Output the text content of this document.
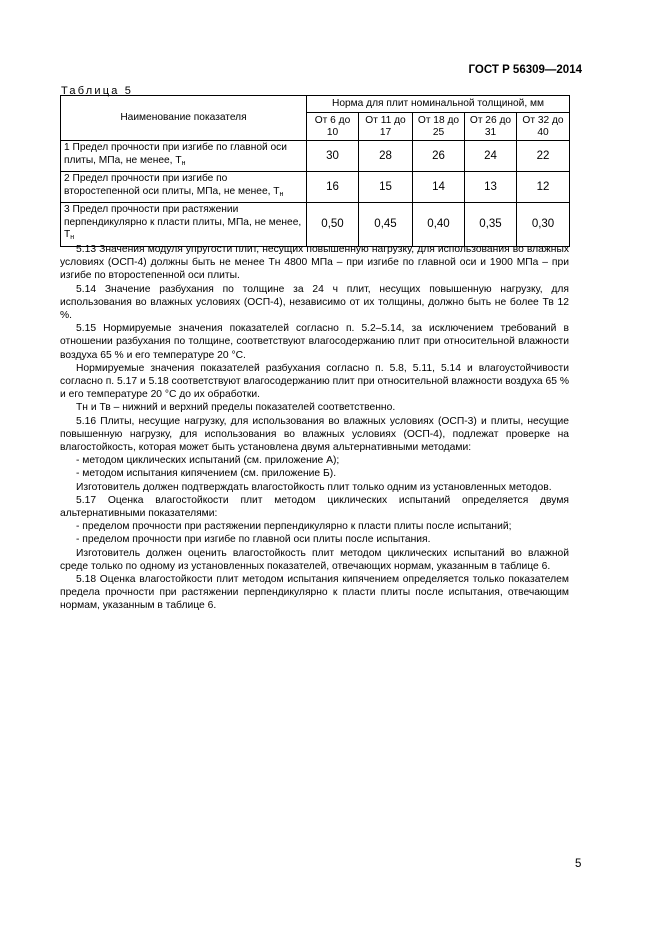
ГОСТ Р 56309—2014
Таблица 5
Наименование показателя	Норма для плит номинальной толщиной, мм				
	От 6 до 10	От 11 до 17	От 18 до 25	От 26 до 31	От 32 до 40
1 Предел прочности при изгибе по главной оси плиты, МПа, не менее, $Т_н$	30	28	26	24	22
2 Предел прочности при изгибе по второстепенной оси плиты, МПа, не менее, $Т_н$	16	15	14	13	12
3 Предел прочности при растяжении перпендикулярно к пласти плиты, МПа, не менее, $Т_н$	0,50	0,45	0,40	0,35	0,30

5.13 Значения модуля упругости плит, несущих повышенную нагрузку, для использования во влажных условиях (ОСП-4) должны быть не менее Тн 4800 МПа – при изгибе по главной оси и 1900 МПа – при изгибе по второстепенной оси плиты.

5.14 Значение разбухания по толщине за 24 ч плит, несущих повышенную нагрузку, для использования во влажных условиях (ОСП-4), независимо от их толщины, должно быть не более Тв 12 %.

5.15 Нормируемые значения показателей согласно п. 5.2–5.14, за исключением требований в отношении разбухания по толщине, соответствуют влагосодержанию плит при относительной влажности воздуха 65 % и его температуре 20 °С.

Нормируемые значения показателей разбухания согласно п. 5.8, 5.11, 5.14 и влагоустойчивости согласно п. 5.17 и 5.18 соответствуют влагосодержанию плит при относительной влажности воздуха 65 % и его температуре 20 °С до их обработки.

Тн и Тв – нижний и верхний пределы показателей соответственно.

5.16 Плиты, несущие нагрузку, для использования во влажных условиях (ОСП-3) и плиты, несущие повышенную нагрузку, для использования во влажных условиях (ОСП-4), подлежат проверке на влагостойкость, которая может быть установлена двумя альтернативными методами:

- методом циклических испытаний (см. приложение А);

- методом испытания кипячением (см. приложение Б).

Изготовитель должен подтверждать влагостойкость плит только одним из установленных методов.

5.17 Оценка влагостойкости плит методом циклических испытаний определяется двумя альтернативными показателями:

- пределом прочности при растяжении перпендикулярно к пласти плиты после испытаний;

- пределом прочности при изгибе по главной оси плиты после испытания.

Изготовитель должен оценить влагостойкость плит методом циклических испытаний во влажной среде только по одному из установленных показателей, отвечающих нормам, указанным в таблице 6.

5.18 Оценка влагостойкости плит методом испытания кипячением определяется только показателем предела прочности при растяжении перпендикулярно к пласти плиты после испытания, отвечающим нормам, указанным в таблице 6.

5
